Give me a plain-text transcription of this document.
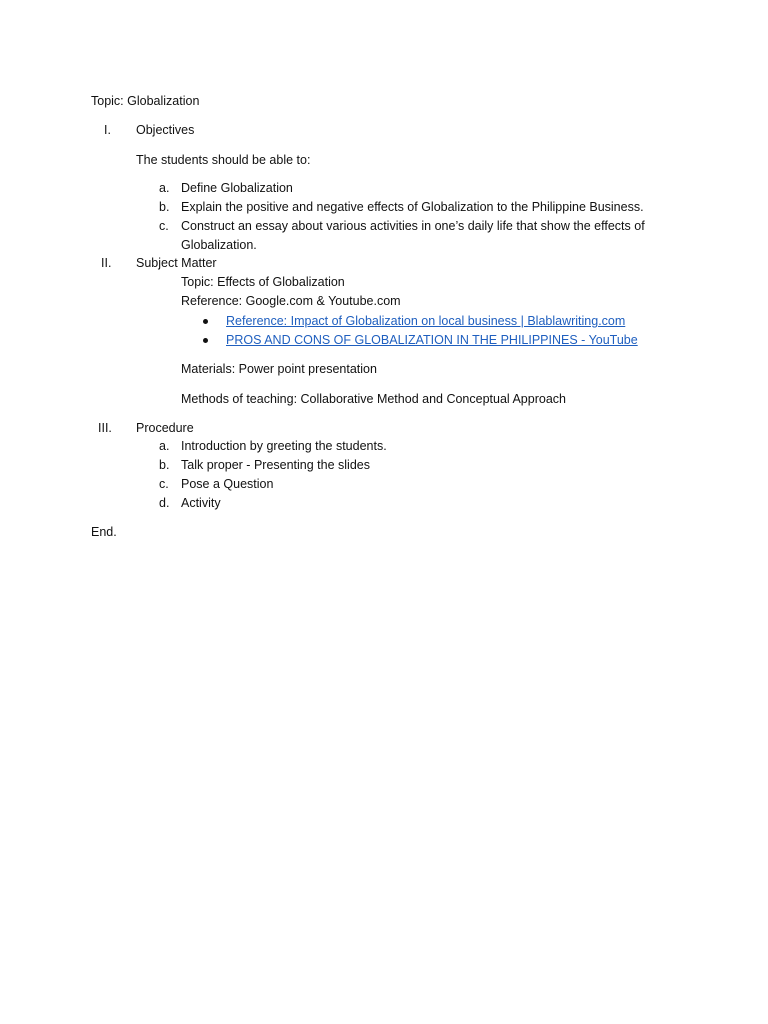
Topic: Globalization
I. Objectives
The students should be able to:
a. Define Globalization
b. Explain the positive and negative effects of Globalization to the Philippine Business.
c. Construct an essay about various activities in one’s daily life that show the effects of
Globalization.
II. Subject Matter
Topic: Effects of Globalization
Reference: Google.com & Youtube.com
Reference: Impact of Globalization on local business | Blablawriting.com
PROS AND CONS OF GLOBALIZATION IN THE PHILIPPINES - YouTube
Materials: Power point presentation
Methods of teaching: Collaborative Method and Conceptual Approach
III. Procedure
a. Introduction by greeting the students.
b. Talk proper - Presenting the slides
c. Pose a Question
d. Activity
End.
